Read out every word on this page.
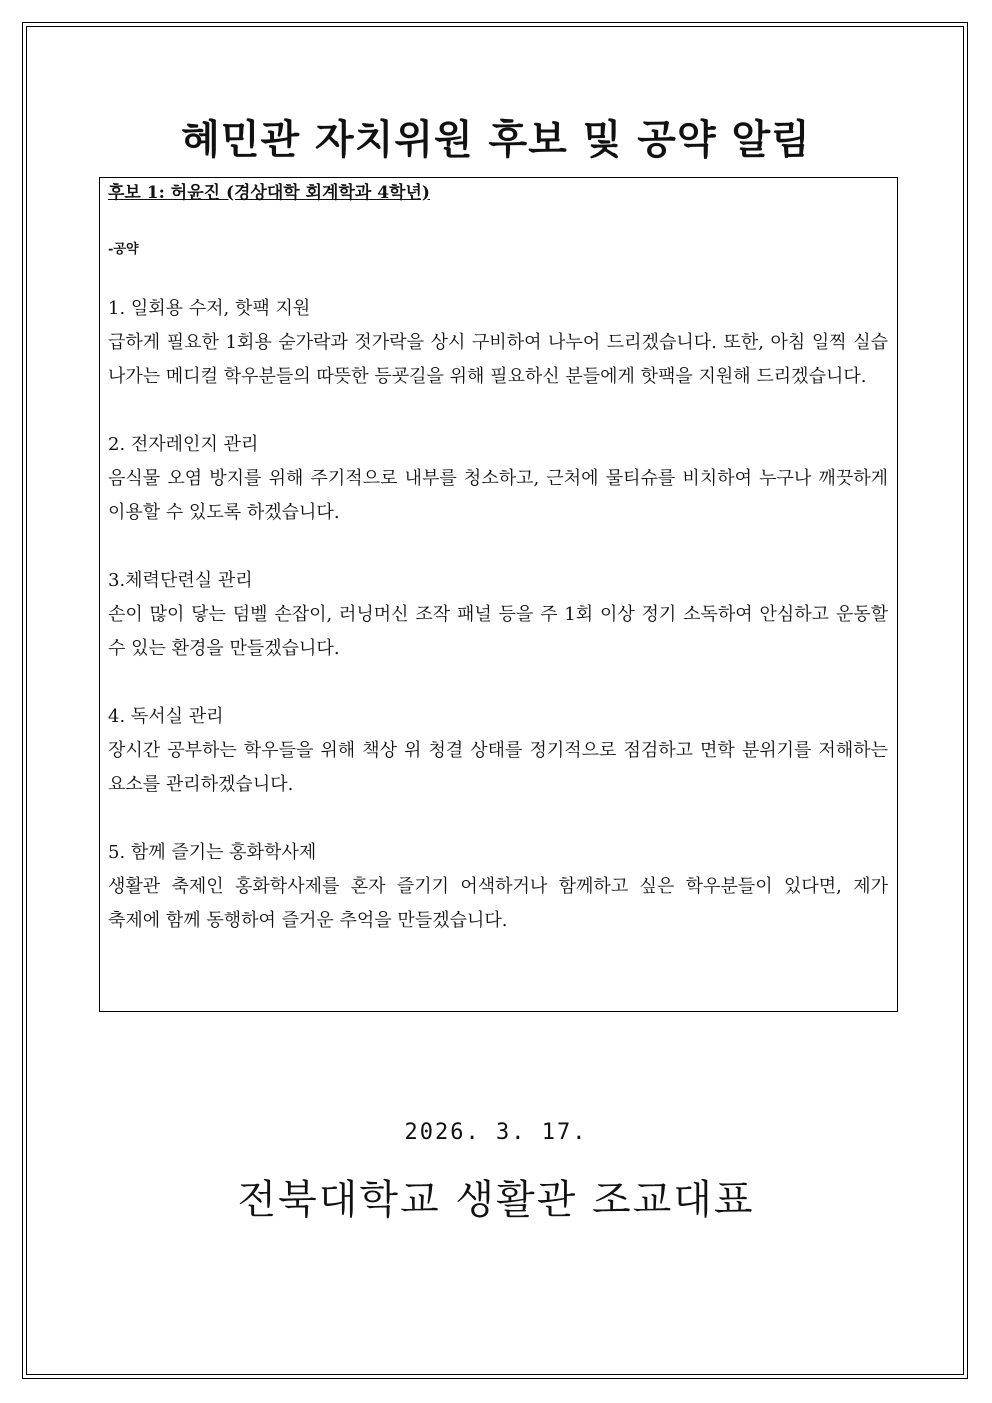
혜민관 자치위원 후보 및 공약 알림

후보 1: 허윤진 (경상대학 회계학과 4학년)

-공약

1. 일회용 수저, 핫팩 지원

급하게 필요한 1회용 숟가락과 젓가락을 상시 구비하여 나누어 드리겠습니다. 또한, 아침 일찍 실습 나가는 메디컬 학우분들의 따뜻한 등굣길을 위해 필요하신 분들에게 핫팩을 지원해 드리겠습니다.

2. 전자레인지 관리

음식물 오염 방지를 위해 주기적으로 내부를 청소하고, 근처에 물티슈를 비치하여 누구나 깨끗하게 이용할 수 있도록 하겠습니다.

3.체력단련실 관리

손이 많이 닿는 덤벨 손잡이, 러닝머신 조작 패널 등을 주 1회 이상 정기 소독하여 안심하고 운동할 수 있는 환경을 만들겠습니다.

4. 독서실 관리

장시간 공부하는 학우들을 위해 책상 위 청결 상태를 정기적으로 점검하고 면학 분위기를 저해하는 요소를 관리하겠습니다.

5. 함께 즐기는 홍화학사제

생활관 축제인 홍화학사제를 혼자 즐기기 어색하거나 함께하고 싶은 학우분들이 있다면, 제가 축제에 함께 동행하여 즐거운 추억을 만들겠습니다.

2026. 3. 17.
전북대학교 생활관 조교대표
